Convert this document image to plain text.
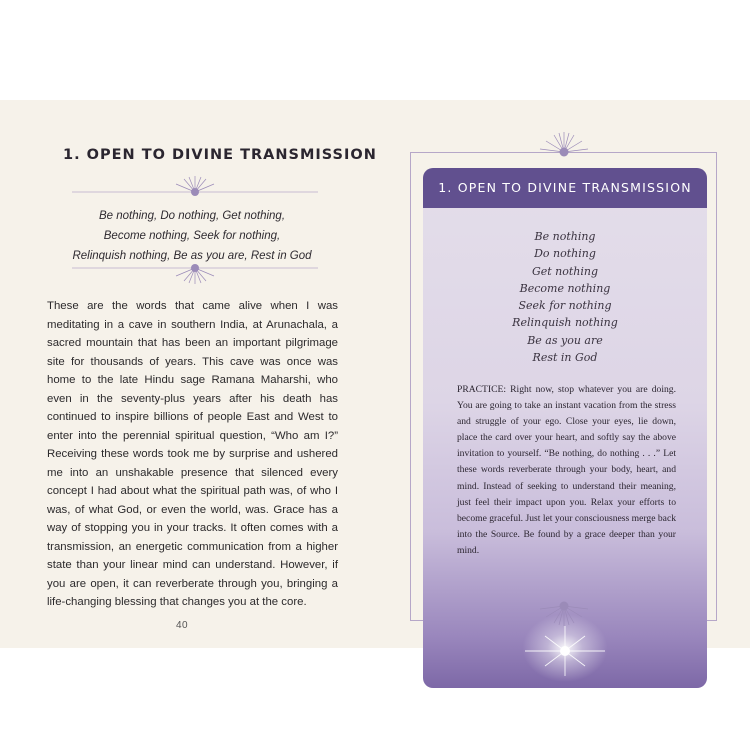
1. OPEN TO DIVINE TRANSMISSION
Be nothing, Do nothing, Get nothing,
Become nothing, Seek for nothing,
Relinquish nothing, Be as you are, Rest in God

These are the words that came alive when I was meditating in a cave in southern India, at Arunachala, a sacred mountain that has been an important pilgrimage site for thousands of years. This cave was once was home to the late Hindu sage Ramana Maharshi, who even in the seventy-plus years after his death has continued to inspire billions of people East and West to enter into the perennial spiritual question, “Who am I?” Receiving these words took me by surprise and ushered me into an unshakable presence that silenced every concept I had about what the spiritual path was, of who I was, of what God, or even the world, was. Grace has a way of stopping you in your tracks. It often comes with a transmission, an energetic communication from a higher state than your linear mind can understand. However, if you are open, it can reverberate through you, bringing a life-changing blessing that changes you at the core.

40
1. OPEN TO DIVINE TRANSMISSION
Be nothing
Do nothing
Get nothing
Become nothing
Seek for nothing
Relinquish nothing
Be as you are
Rest in God
PRACTICE: Right now, stop whatever you are doing. You are going to take an instant vacation from the stress and struggle of your ego. Close your eyes, lie down, place the card over your heart, and softly say the above invitation to yourself. “Be nothing, do nothing . . .” Let these words reverberate through your body, heart, and mind. Instead of seeking to understand their meaning, just feel their impact upon you. Relax your efforts to become graceful. Just let your consciousness merge back into the Source. Be found by a grace deeper than your mind.
